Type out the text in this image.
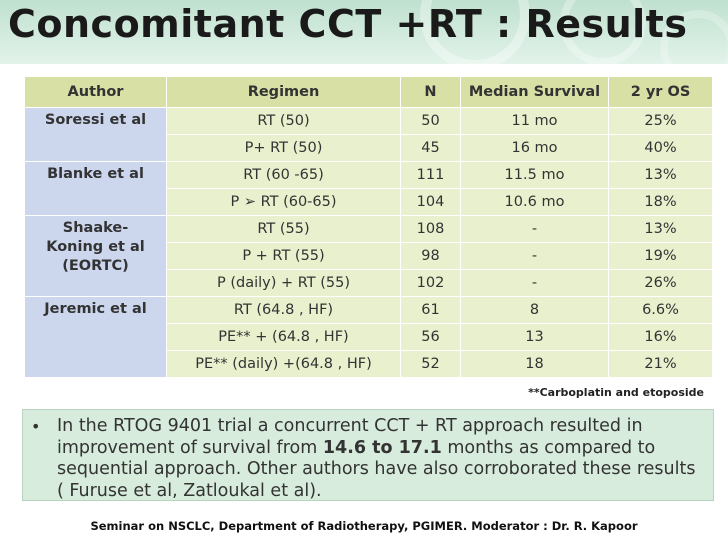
Concomitant CCT +RT : Results
Author	Regimen	N	Median Survival	2 yr OS
Soressi et al	RT (50)	50	11 mo	25%
	P+ RT (50)	45	16 mo	40%
Blanke et al	RT (60 -65)	111	11.5 mo	13%
	P ➢ RT (60-65)	104	10.6 mo	18%
Shaake-Koning et al (EORTC)	RT (55)	108	-	13%
	P + RT (55)	98	-	19%
	P (daily) + RT (55)	102	-	26%
Jeremic et al	RT (64.8 , HF)	61	8	6.6%
	PE** + (64.8 , HF)	56	13	16%
	PE** (daily) +(64.8 , HF)	52	18	21%
**Carboplatin and etoposide
• In the RTOG 9401 trial a concurrent CCT + RT approach resulted in improvement of survival from 14.6 to 17.1 months as compared to sequential approach. Other authors have also corroborated these results ( Furuse et al, Zatloukal et al).
Seminar on NSCLC, Department of Radiotherapy, PGIMER. Moderator : Dr. R. Kapoor
